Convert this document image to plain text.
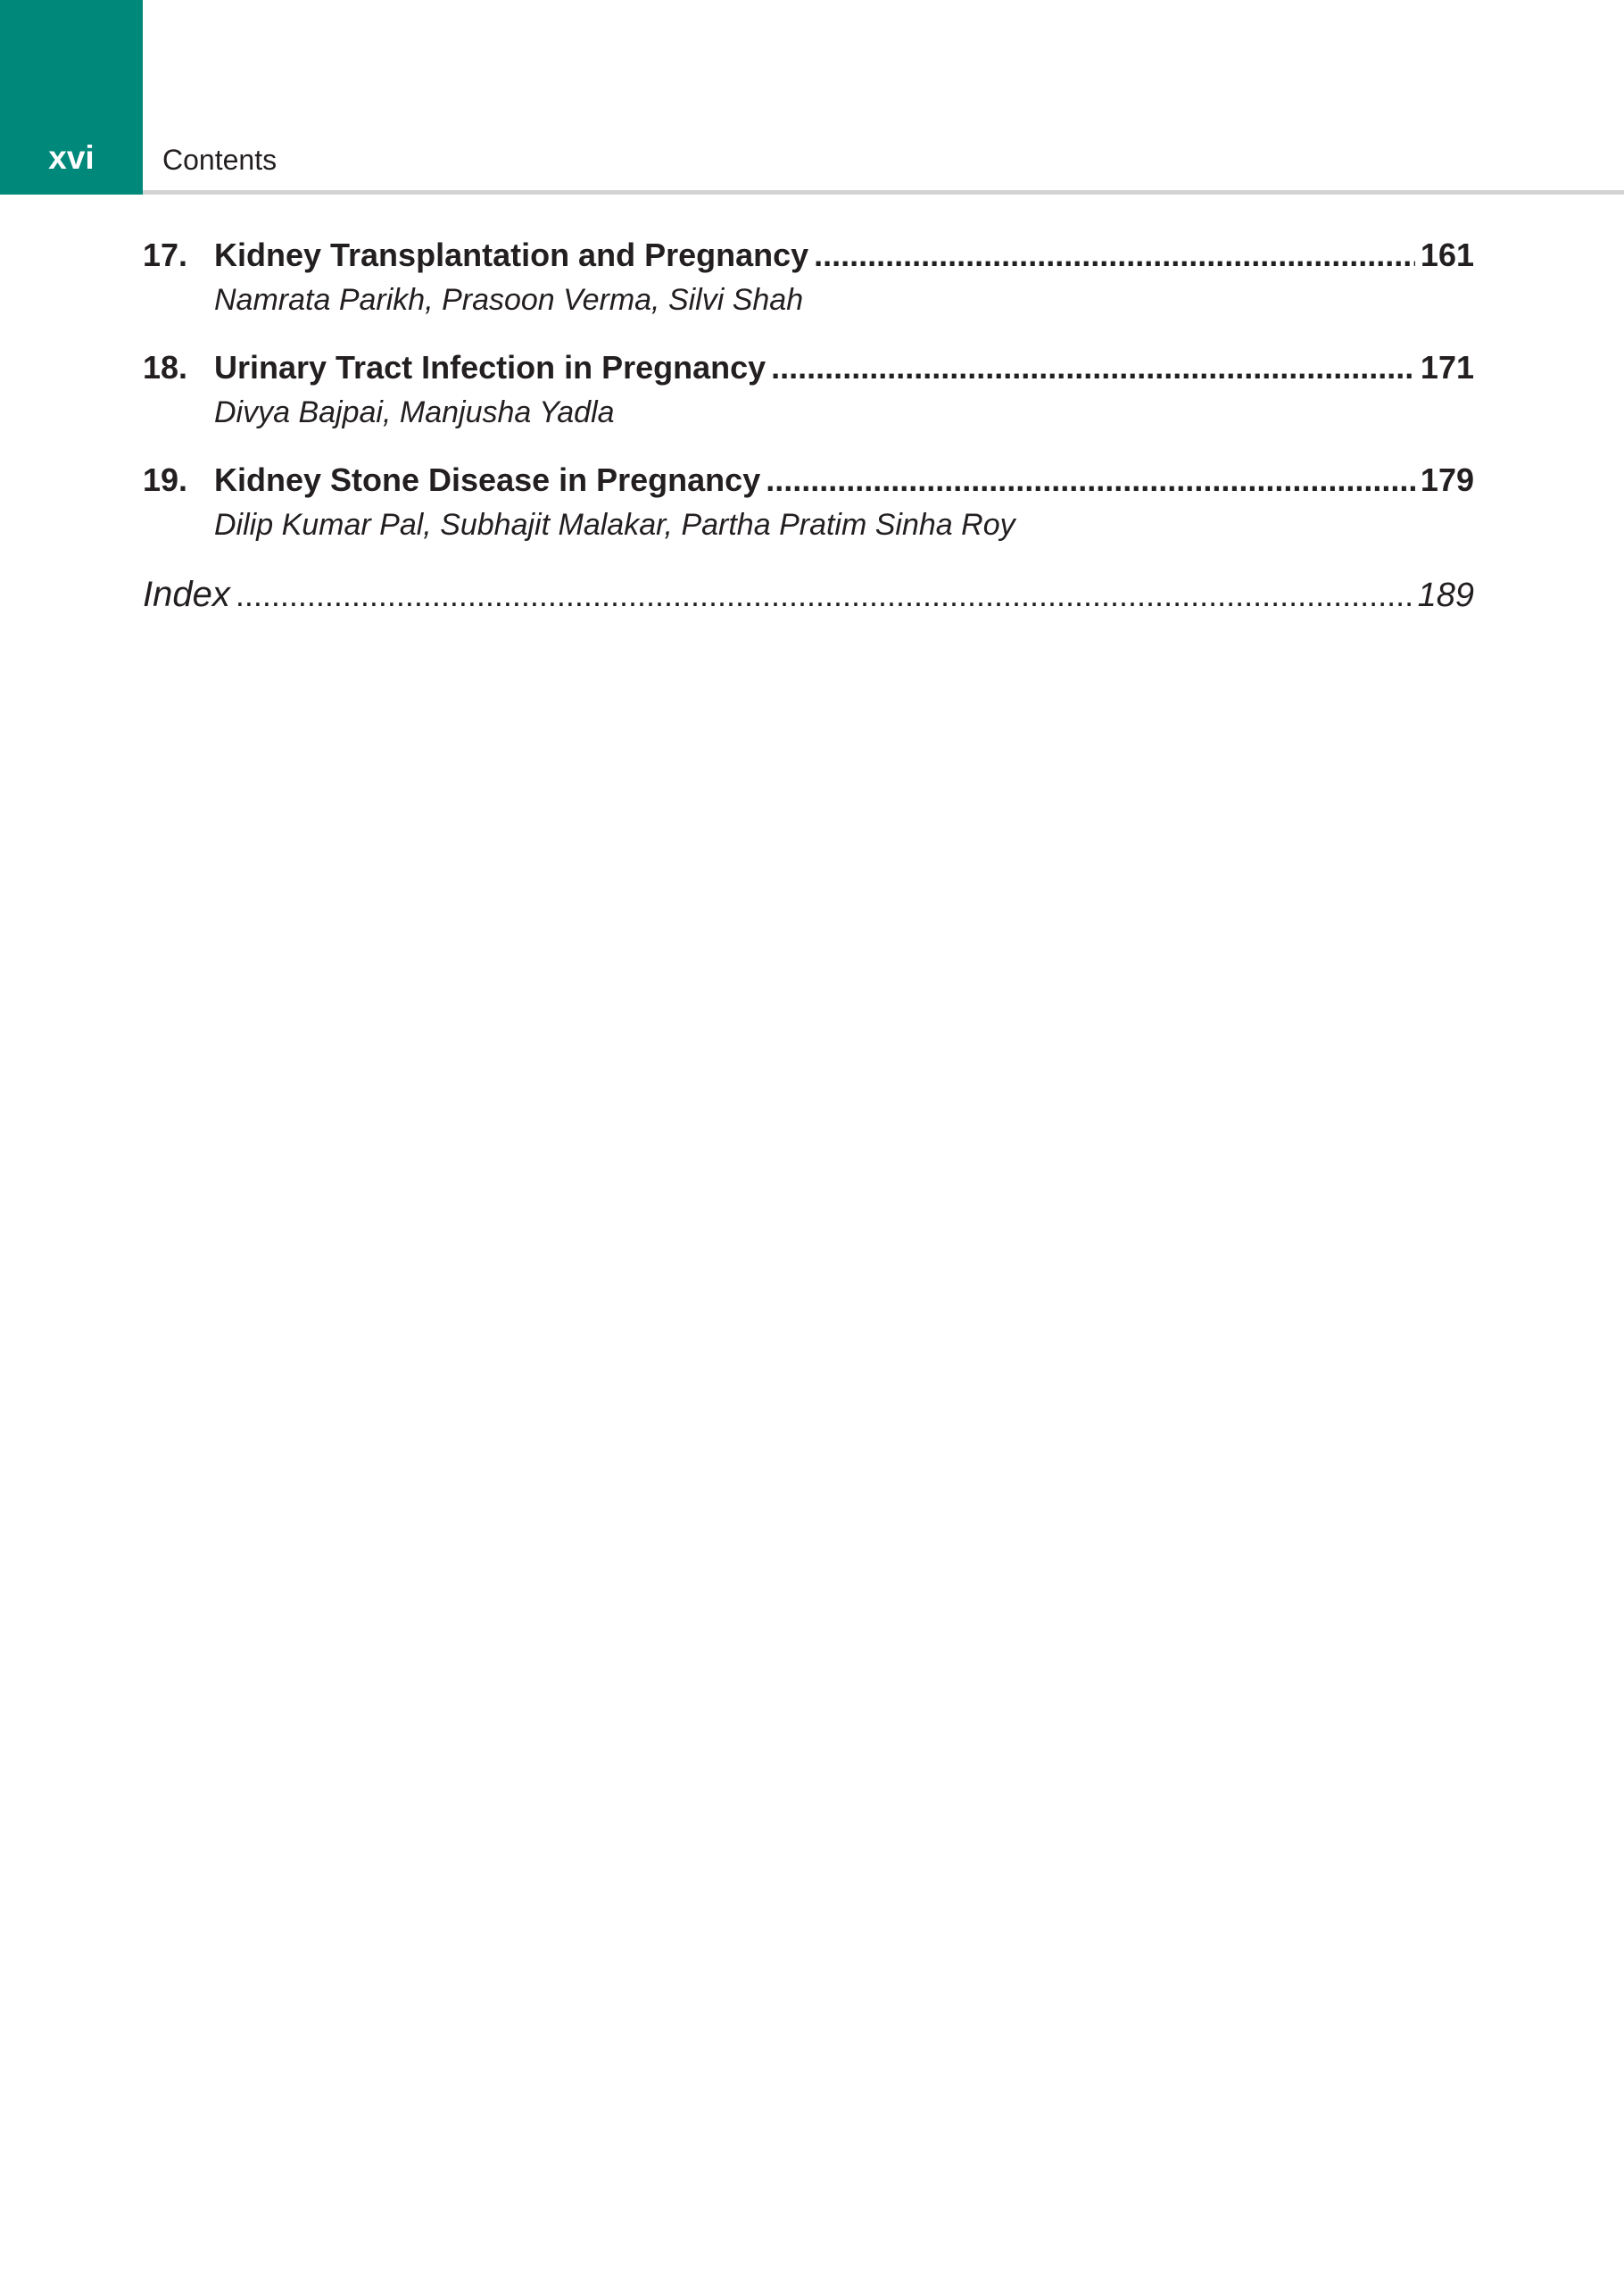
xvi	Contents
17. Kidney Transplantation and Pregnancy .....	161
Namrata Parikh, Prasoon Verma, Silvi Shah
18. Urinary Tract Infection in Pregnancy .....	171
Divya Bajpai, Manjusha Yadla
19. Kidney Stone Disease in Pregnancy .....	179
Dilip Kumar Pal, Subhajit Malakar, Partha Pratim Sinha Roy
Index .....	189
